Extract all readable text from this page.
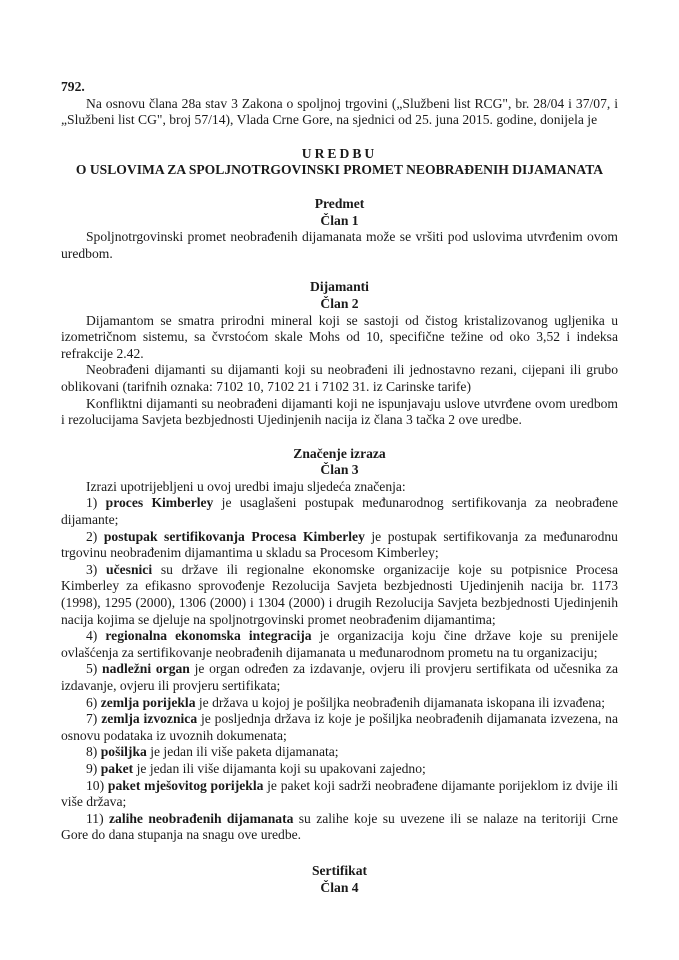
792.

Na osnovu člana 28a stav 3 Zakona o spoljnoj trgovini („Službeni list RCG", br. 28/04 i 37/07, i „Službeni list CG", broj 57/14), Vlada Crne Gore, na sjednici od 25. juna 2015. godine, donijela je

UREDBU

O USLOVIMA ZA SPOLJNOTRGOVINSKI PROMET NEOBRAĐENIH DIJAMANATA

Predmet

Član 1

Spoljnotrgovinski promet neobrađenih dijamanata može se vršiti pod uslovima utvrđenim ovom uredbom.

Dijamanti

Član 2

Dijamantom se smatra prirodni mineral koji se sastoji od čistog kristalizovanog ugljenika u izometričnom sistemu, sa čvrstoćom skale Mohs od 10, specifične težine od oko 3,52 i indeksa refrakcije 2.42.

Neobrađeni dijamanti su dijamanti koji su neobrađeni ili jednostavno rezani, cijepani ili grubo oblikovani (tarifnih oznaka: 7102 10, 7102 21 i 7102 31. iz Carinske tarife)

Konfliktni dijamanti su neobrađeni dijamanti koji ne ispunjavaju uslove utvrđene ovom uredbom i rezolucijama Savjeta bezbjednosti Ujedinjenih nacija iz člana 3 tačka 2 ove uredbe.

Značenje izraza

Član 3

Izrazi upotrijebljeni u ovoj uredbi imaju sljedeća značenja:

1) proces Kimberley je usaglašeni postupak međunarodnog sertifikovanja za neobrađene dijamante;

2) postupak sertifikovanja Procesa Kimberley je postupak sertifikovanja za međunarodnu trgovinu neobrađenim dijamantima u skladu sa Procesom Kimberley;

3) učesnici su države ili regionalne ekonomske organizacije koje su potpisnice Procesa Kimberley za efikasno sprovođenje Rezolucija Savjeta bezbjednosti Ujedinjenih nacija br. 1173 (1998), 1295 (2000), 1306 (2000) i 1304 (2000) i drugih Rezolucija Savjeta bezbjednosti Ujedinjenih nacija kojima se djeluje na spoljnotrgovinski promet neobrađenim dijamantima;

4) regionalna ekonomska integracija je organizacija koju čine države koje su prenijele ovlašćenja za sertifikovanje neobrađenih dijamanata u međunarodnom prometu na tu organizaciju;

5) nadležni organ je organ određen za izdavanje, ovjeru ili provjeru sertifikata od učesnika za izdavanje, ovjeru ili provjeru sertifikata;

6) zemlja porijekla je država u kojoj je pošiljka neobrađenih dijamanata iskopana ili izvađena;

7) zemlja izvoznica je posljednja država iz koje je pošiljka neobrađenih dijamanata izvezena, na osnovu podataka iz uvoznih dokumenata;

8) pošiljka je jedan ili više paketa dijamanata;

9) paket je jedan ili više dijamanta koji su upakovani zajedno;

10) paket mješovitog porijekla je paket koji sadrži neobrađene dijamante porijeklom iz dvije ili više država;

11) zalihe neobrađenih dijamanata su zalihe koje su uvezene ili se nalaze na teritoriji Crne Gore do dana stupanja na snagu ove uredbe.

Sertifikat

Član 4
